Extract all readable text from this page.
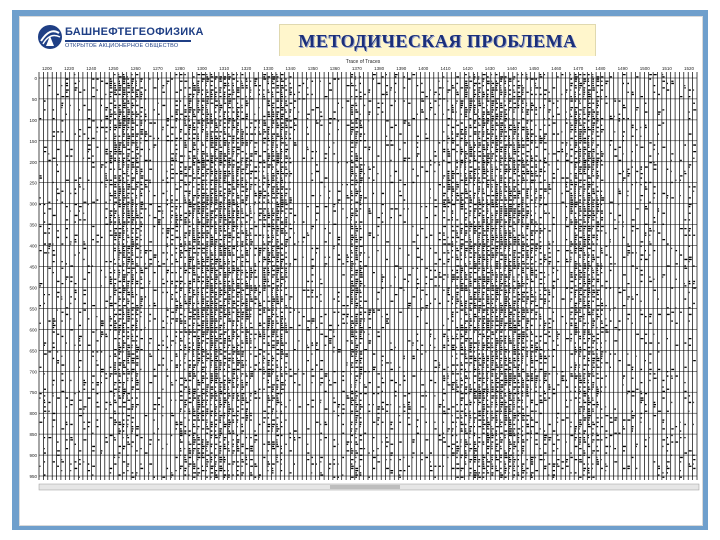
БАШНЕФТЕГЕОФИЗИКА
ОТКРЫТОЕ АКЦИОНЕРНОЕ ОБЩЕСТВО	МЕТОДИЧЕСКАЯ ПРОБЛЕМА
1200	1220	1240	1250	1260	1270	1280	1300	1310	1320	1330	1340	1350	1360	1370	1380	1390	1400	1410	1420	1430	1440	1450	1460	1470	1480	1490	1500	1510	1520
0
50
100
150
200
250
300
350
400
450
500
550
600
650
700
750
800
850
900
950
Trace of Traces
